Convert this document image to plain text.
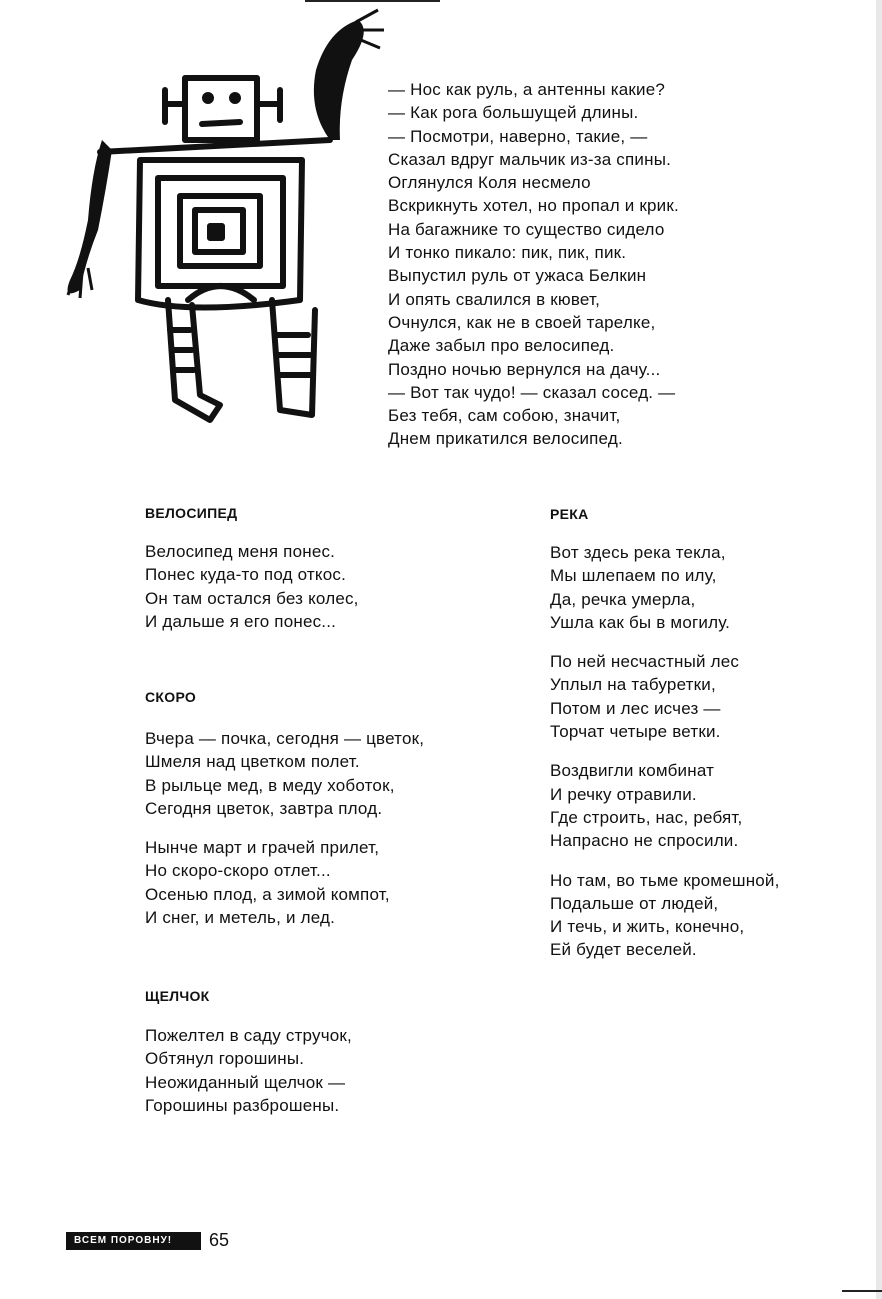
— Нос как руль, а антенны какие?

— Как рога большущей длины.

— Посмотри, наверно, такие, —

Сказал вдруг мальчик из-за спины.

Оглянулся Коля несмело

Вскрикнуть хотел, но пропал и крик.

На багажнике то существо сидело

И тонко пикало: пик, пик, пик.

Выпустил руль от ужаса Белкин

И опять свалился в кювет,

Очнулся, как не в своей тарелке,

Даже забыл про велосипед.

Поздно ночью вернулся на дачу...

— Вот так чудо! — сказал сосед. —

Без тебя, сам собою, значит,

Днем прикатился велосипед.

ВЕЛОСИПЕД

Велосипед меня понес.

Понес куда-то под откос.

Он там остался без колес,

И дальше я его понес...

СКОРО

Вчера — почка, сегодня — цветок,

Шмеля над цветком полет.

В рыльце мед, в меду хоботок,

Сегодня цветок, завтра плод.

Нынче март и грачей прилет,

Но скоро-скоро отлет...

Осенью плод, а зимой компот,

И снег, и метель, и лед.

ЩЕЛЧОК

Пожелтел в саду стручок,

Обтянул горошины.

Неожиданный щелчок —

Горошины разброшены.

РЕКА

Вот здесь река текла,

Мы шлепаем по илу,

Да, речка умерла,

Ушла как бы в могилу.

По ней несчастный лес

Уплыл на табуретки,

Потом и лес исчез —

Торчат четыре ветки.

Воздвигли комбинат

И речку отравили.

Где строить, нас, ребят,

Напрасно не спросили.

Но там, во тьме кромешной,

Подальше от людей,

И течь, и жить, конечно,

Ей будет веселей.

ВСЕМ ПОРОВНУ!	65
